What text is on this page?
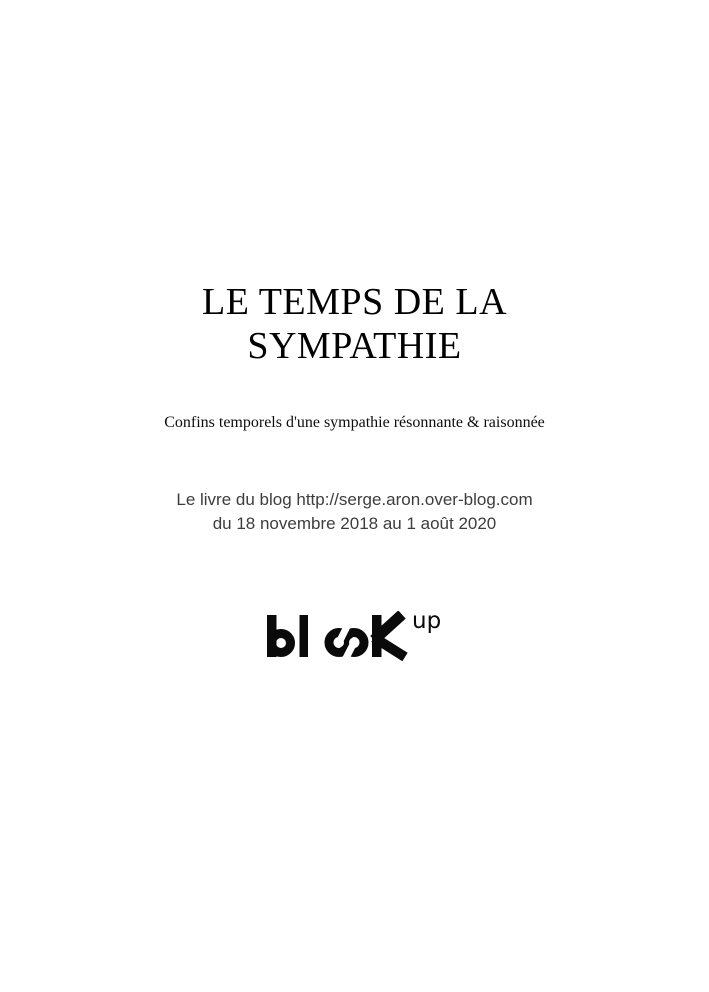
LE TEMPS DE LA SYMPATHIE
Confins temporels d'une sympathie résonnante & raisonnée
Le livre du blog http://serge.aron.over-blog.com
du 18 novembre 2018 au 1 août 2020
up
